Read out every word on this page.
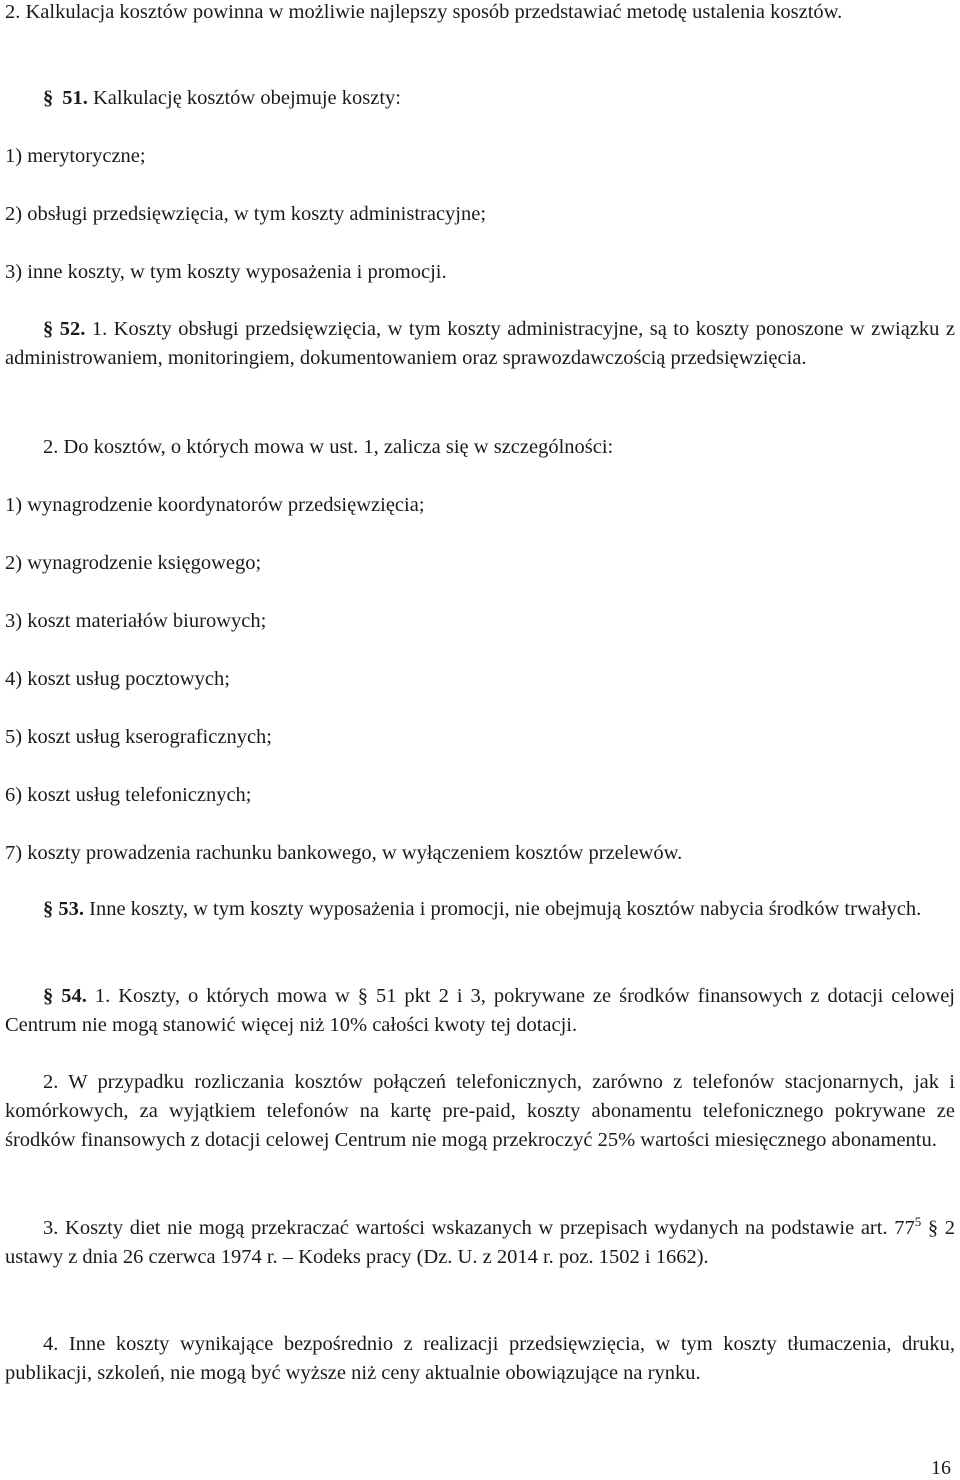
2. Kalkulacja kosztów powinna w możliwie najlepszy sposób przedstawiać metodę ustalenia kosztów.
§ 51. Kalkulację kosztów obejmuje koszty:
1) merytoryczne;
2) obsługi przedsięwzięcia, w tym koszty administracyjne;
3) inne koszty, w tym koszty wyposażenia i promocji.
§ 52. 1. Koszty obsługi przedsięwzięcia, w tym koszty administracyjne, są to koszty ponoszone w związku z administrowaniem, monitoringiem, dokumentowaniem oraz sprawozdawczością przedsięwzięcia.
2. Do kosztów, o których mowa w ust. 1, zalicza się w szczególności:
1) wynagrodzenie koordynatorów przedsięwzięcia;
2) wynagrodzenie księgowego;
3) koszt materiałów biurowych;
4) koszt usług pocztowych;
5) koszt usług kserograficznych;
6) koszt usług telefonicznych;
7) koszty prowadzenia rachunku bankowego, w wyłączeniem kosztów przelewów.
§ 53. Inne koszty, w tym koszty wyposażenia i promocji, nie obejmują kosztów nabycia środków trwałych.
§ 54. 1. Koszty, o których mowa w § 51 pkt 2 i 3, pokrywane ze środków finansowych z dotacji celowej Centrum nie mogą stanowić więcej niż 10% całości kwoty tej dotacji.
2. W przypadku rozliczania kosztów połączeń telefonicznych, zarówno z telefonów stacjonarnych, jak i komórkowych, za wyjątkiem telefonów na kartę pre-paid, koszty abonamentu telefonicznego pokrywane ze środków finansowych z dotacji celowej Centrum nie mogą przekroczyć 25% wartości miesięcznego abonamentu.
3. Koszty diet nie mogą przekraczać wartości wskazanych w przepisach wydanych na podstawie art. $77^5$ § 2 ustawy z dnia 26 czerwca 1974 r. – Kodeks pracy (Dz. U. z 2014 r. poz. 1502 i 1662).
4. Inne koszty wynikające bezpośrednio z realizacji przedsięwzięcia, w tym koszty tłumaczenia, druku, publikacji, szkoleń, nie mogą być wyższe niż ceny aktualnie obowiązujące na rynku.
16
